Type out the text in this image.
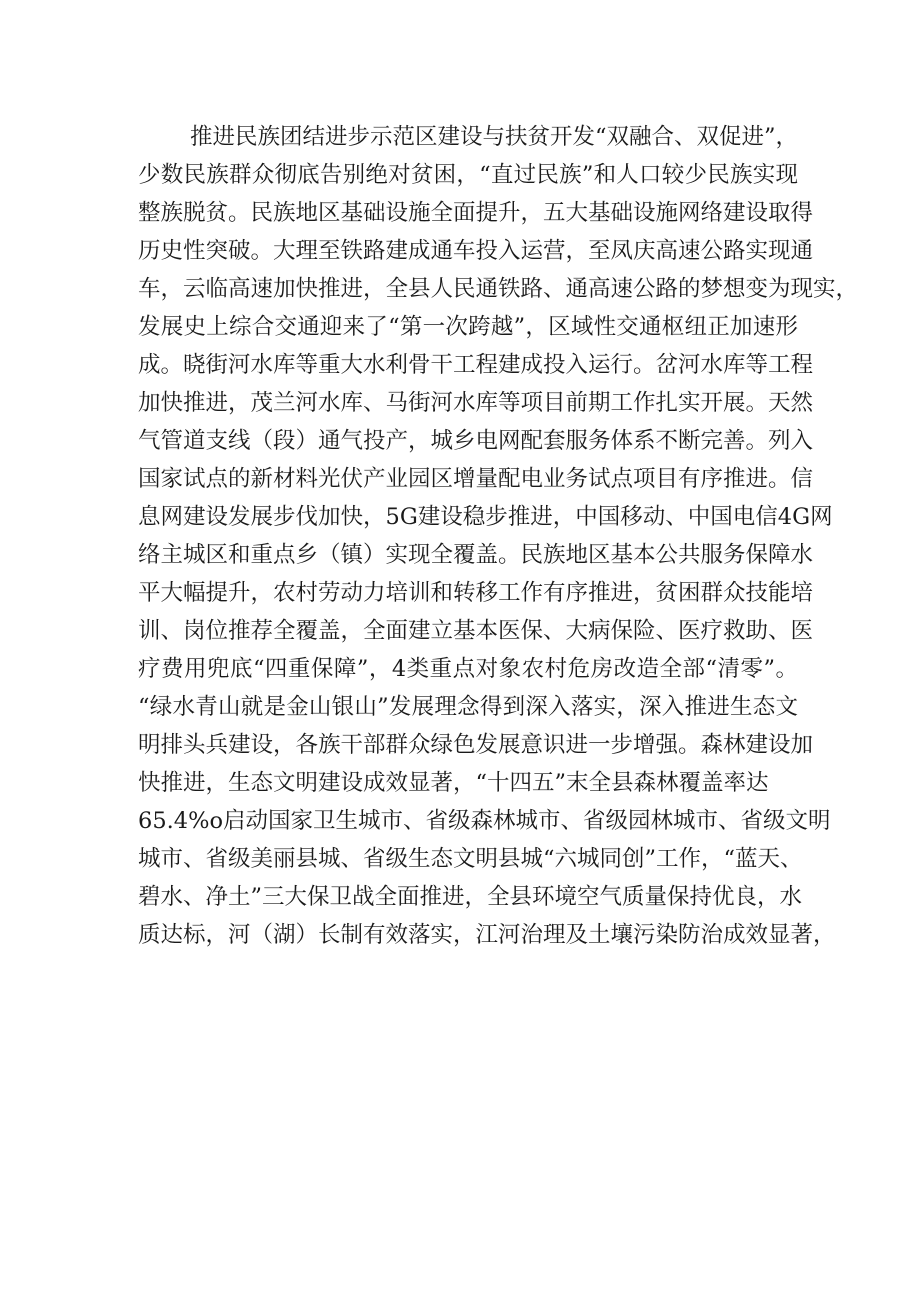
推进民族团结进步示范区建设与扶贫开发“双融合、双促进”，
少数民族群众彻底告别绝对贫困，“直过民族”和人口较少民族实现
整族脱贫。民族地区基础设施全面提升，五大基础设施网络建设取得
历史性突破。大理至铁路建成通车投入运营，至凤庆高速公路实现通
车，云临高速加快推进，全县人民通铁路、通高速公路的梦想变为现实，
发展史上综合交通迎来了“第一次跨越”，区域性交通枢纽正加速形
成。晓街河水库等重大水利骨干工程建成投入运行。岔河水库等工程
加快推进，茂兰河水库、马街河水库等项目前期工作扎实开展。天然
气管道支线（段）通气投产，城乡电网配套服务体系不断完善。列入
国家试点的新材料光伏产业园区增量配电业务试点项目有序推进。信
息网建设发展步伐加快，5G建设稳步推进，中国移动、中国电信4G网
络主城区和重点乡（镇）实现全覆盖。民族地区基本公共服务保障水
平大幅提升，农村劳动力培训和转移工作有序推进，贫困群众技能培
训、岗位推荐全覆盖，全面建立基本医保、大病保险、医疗救助、医
疗费用兜底“四重保障”，4类重点对象农村危房改造全部“清零”。
“绿水青山就是金山银山”发展理念得到深入落实，深入推进生态文
明排头兵建设，各族干部群众绿色发展意识进一步增强。森林建设加
快推进，生态文明建设成效显著，“十四五”末全县森林覆盖率达
65.4%o启动国家卫生城市、省级森林城市、省级园林城市、省级文明
城市、省级美丽县城、省级生态文明县城“六城同创”工作，“蓝天、
碧水、净土”三大保卫战全面推进，全县环境空气质量保持优良，水
质达标，河（湖）长制有效落实，江河治理及土壤污染防治成效显著，
